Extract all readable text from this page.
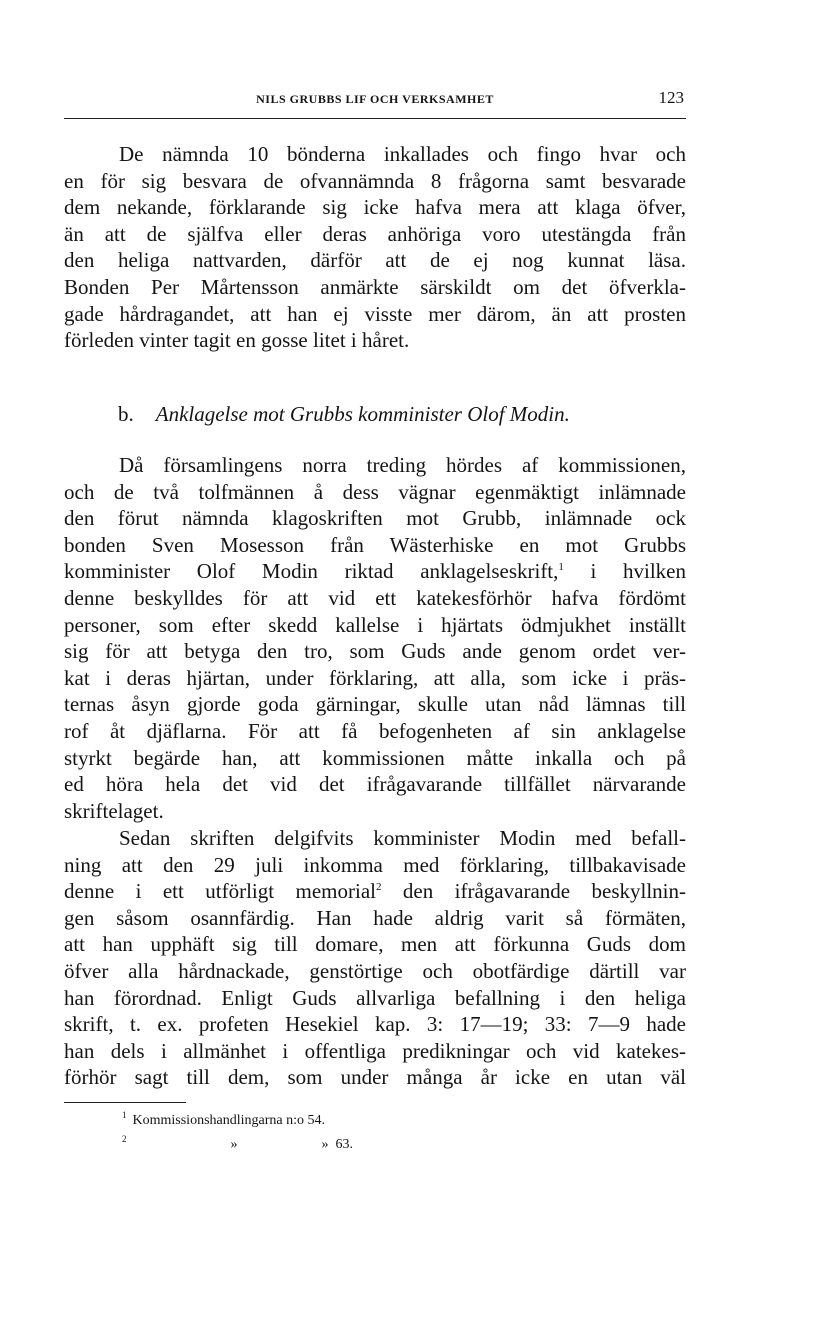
NILS GRUBBS LIF OCH VERKSAMHET	123
De nämnda 10 bönderna inkallades och fingo hvar och
en för sig besvara de ofvannämnda 8 frågorna samt besvarade
dem nekande, förklarande sig icke hafva mera att klaga öfver,
än att de själfva eller deras anhöriga voro utestängda från
den heliga nattvarden, därför att de ej nog kunnat läsa.
Bonden Per Mårtensson anmärkte särskildt om det öfverkla-
gade hårdragandet, att han ej visste mer därom, än att prosten
förleden vinter tagit en gosse litet i håret.
b. Anklagelse mot Grubbs komminister Olof Modin.
Då församlingens norra treding hördes af kommissionen,
och de två tolfmännen å dess vägnar egenmäktigt inlämnade
den förut nämnda klagoskriften mot Grubb, inlämnade ock
bonden Sven Mosesson från Wästerhiske en mot Grubbs
komminister Olof Modin riktad anklagelseskrift,$^1$ i hvilken
denne beskylldes för att vid ett katekesförhör hafva fördömt
personer, som efter skedd kallelse i hjärtats ödmjukhet inställt
sig för att betyga den tro, som Guds ande genom ordet ver-
kat i deras hjärtan, under förklaring, att alla, som icke i präs-
ternas åsyn gjorde goda gärningar, skulle utan nåd lämnas till
rof åt djäflarna. För att få befogenheten af sin anklagelse
styrkt begärde han, att kommissionen måtte inkalla och på
ed höra hela det vid det ifrågavarande tillfället närvarande
skriftelaget.
Sedan skriften delgifvits komminister Modin med befall-
ning att den 29 juli inkomma med förklaring, tillbakavisade
denne i ett utförligt memorial$^2$ den ifrågavarande beskyllnin-
gen såsom osannfärdig. Han hade aldrig varit så förmäten,
att han upphäft sig till domare, men att förkunna Guds dom
öfver alla hårdnackade, genstörtige och obotfärdige därtill var
han förordnad. Enligt Guds allvarliga befallning i den heliga
skrift, t. ex. profeten Hesekiel kap. 3: 17—19; 33: 7—9 hade
han dels i allmänhet i offentliga predikningar och vid katekes-
förhör sagt till dem, som under många år icke en utan väl
$^1$ Kommissionshandlingarna n:o 54.
$^2$	»	» 63.
